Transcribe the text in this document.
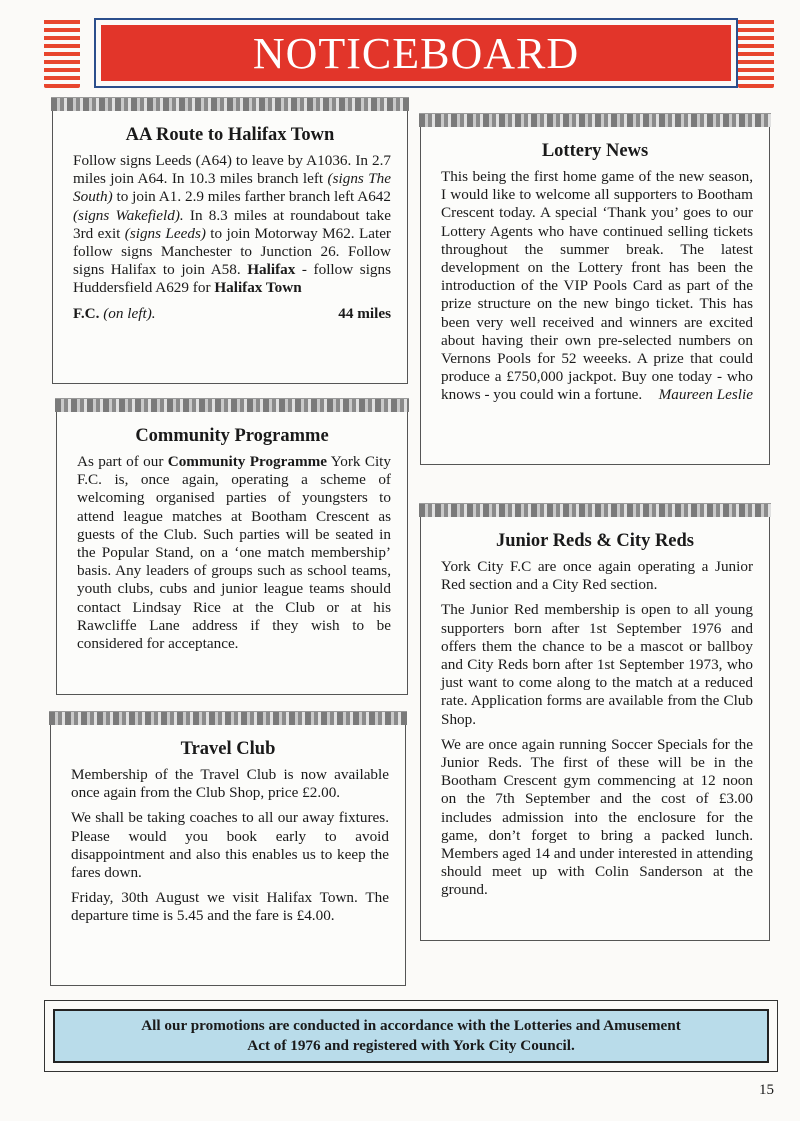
NOTICEBOARD
AA Route to Halifax Town

Follow signs Leeds (A64) to leave by A1036. In 2.7 miles join A64. In 10.3 miles branch left (signs The South) to join A1. 2.9 miles farther branch left A642 (signs Wakefield). In 8.3 miles at roundabout take 3rd exit (signs Leeds) to join Motorway M62. Later follow signs Manchester to Junction 26. Follow signs Halifax to join A58. Halifax - follow signs Huddersfield A629 for Halifax Town

F.C. (on left).	44 miles

Community Programme

As part of our Community Programme York City F.C. is, once again, operating a scheme of welcoming organised parties of youngsters to attend league matches at Bootham Crescent as guests of the Club. Such parties will be seated in the Popular Stand, on a ‘one match membership’ basis. Any leaders of groups such as school teams, youth clubs, cubs and junior league teams should contact Lindsay Rice at the Club or at his Rawcliffe Lane address if they wish to be considered for acceptance.

Travel Club

Membership of the Travel Club is now available once again from the Club Shop, price £2.00.

We shall be taking coaches to all our away fixtures. Please would you book early to avoid disappointment and also this enables us to keep the fares down.

Friday, 30th August we visit Halifax Town. The departure time is 5.45 and the fare is £4.00.

Lottery News

This being the first home game of the new season, I would like to welcome all supporters to Bootham Crescent today. A special ‘Thank you’ goes to our Lottery Agents who have continued selling tickets throughout the summer break. The latest development on the Lottery front has been the introduction of the VIP Pools Card as part of the prize structure on the new bingo ticket. This has been very well received and winners are excited about having their own pre-selected numbers on Vernons Pools for 52 weeeks. A prize that could produce a £750,000 jackpot. Buy one today - who knows - you could win a fortune. Maureen Leslie

Junior Reds & City Reds

York City F.C are once again operating a Junior Red section and a City Red section.

The Junior Red membership is open to all young supporters born after 1st September 1976 and offers them the chance to be a mascot or ballboy and City Reds born after 1st September 1973, who just want to come along to the match at a reduced rate. Application forms are available from the Club Shop.

We are once again running Soccer Specials for the Junior Reds. The first of these will be in the Bootham Crescent gym commencing at 12 noon on the 7th September and the cost of £3.00 includes admission into the enclosure for the game, don’t forget to bring a packed lunch. Members aged 14 and under interested in attending should meet up with Colin Sanderson at the ground.

All our promotions are conducted in accordance with the Lotteries and Amusement
Act of 1976 and registered with York City Council.
15
